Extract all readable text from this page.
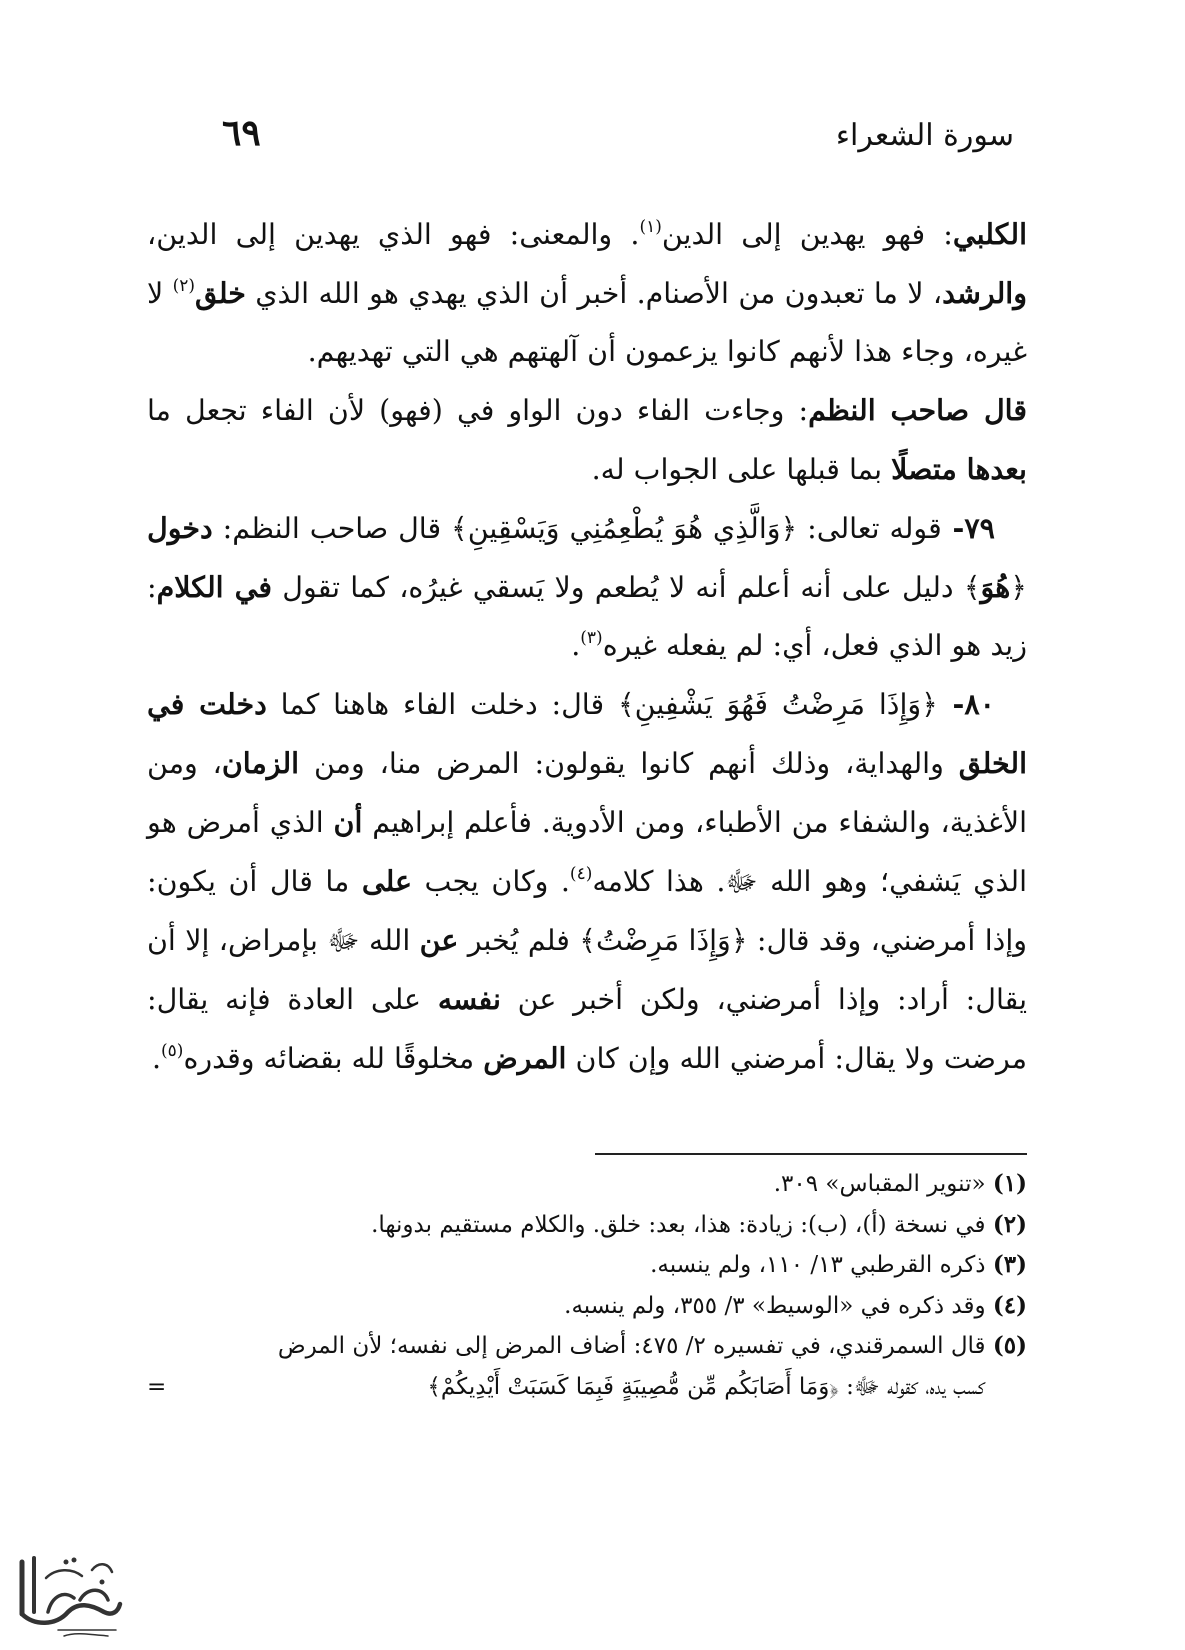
٦٩	سورة الشعراء

الكلبي: فهو يهدين إلى الدين$^{(١)}$. والمعنى: فهو الذي يهدين إلى الدين، والرشد، لا ما تعبدون من الأصنام. أخبر أن الذي يهدي هو الله الذي خلق$^{(٢)}$ لا غيره، وجاء هذا لأنهم كانوا يزعمون أن آلهتهم هي التي تهديهم.

قال صاحب النظم: وجاءت الفاء دون الواو في (فهو) لأن الفاء تجعل ما بعدها متصلًا بما قبلها على الجواب له.

٧٩- قوله تعالى: ﴿وَالَّذِي هُوَ يُطْعِمُنِي وَيَسْقِينِ﴾ قال صاحب النظم: دخول ﴿هُوَ﴾ دليل على أنه أعلم أنه لا يُطعم ولا يَسقي غيرُه، كما تقول في الكلام: زيد هو الذي فعل، أي: لم يفعله غيره$^{(٣)}$.

٨٠- ﴿وَإِذَا مَرِضْتُ فَهُوَ يَشْفِينِ﴾ قال: دخلت الفاء هاهنا كما دخلت في الخلق والهداية، وذلك أنهم كانوا يقولون: المرض منا، ومن الزمان، ومن الأغذية، والشفاء من الأطباء، ومن الأدوية. فأعلم إبراهيم أن الذي أمرض هو الذي يَشفي؛ وهو الله ﷻ. هذا كلامه$^{(٤)}$. وكان يجب على ما قال أن يكون: وإذا أمرضني، وقد قال: ﴿وَإِذَا مَرِضْتُ﴾ فلم يُخبر عن الله ﷻ بإمراض، إلا أن يقال: أراد: وإذا أمرضني، ولكن أخبر عن نفسه على العادة فإنه يقال: مرضت ولا يقال: أمرضني الله وإن كان المرض مخلوقًا لله بقضائه وقدره$^{(٥)}$.

(١) «تنوير المقباس» ٣٠٩.

(٢) في نسخة (أ)، (ب): زيادة: هذا، بعد: خلق. والكلام مستقيم بدونها.

(٣) ذكره القرطبي ١٣/ ١١٠، ولم ينسبه.

(٤) وقد ذكره في «الوسيط» ٣/ ٣٥٥، ولم ينسبه.

(٥) قال السمرقندي، في تفسيره ٢/ ٤٧٥: أضاف المرض إلى نفسه؛ لأن المرض

كسب يده، كقوله ﷻ: ﴿وَمَا أَصَابَكُم مِّن مُّصِيبَةٍ فَبِمَا كَسَبَتْ أَيْدِيكُمْ﴾
=
